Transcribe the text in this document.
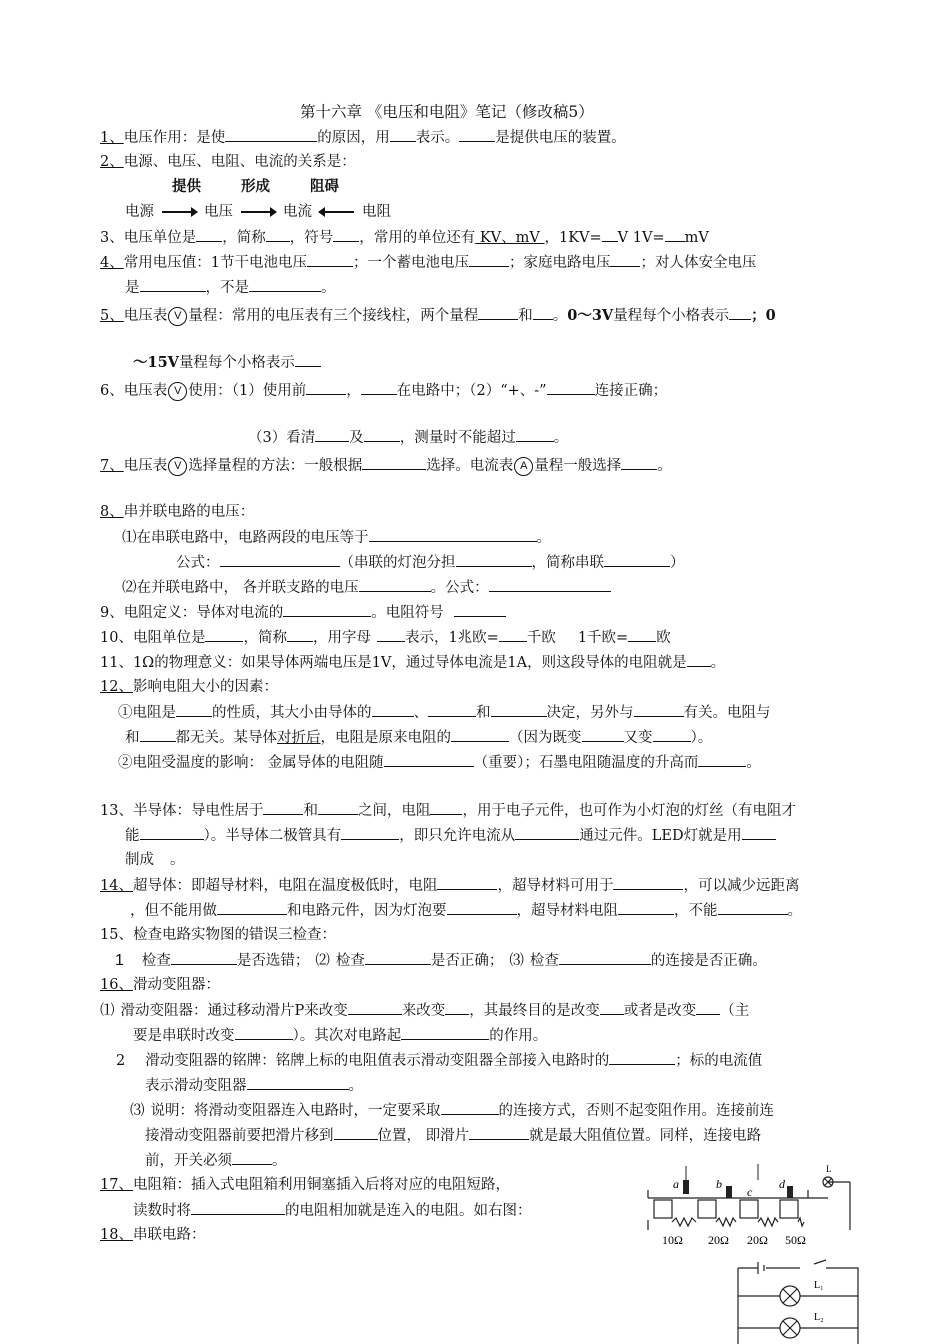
第十六章 《电压和电阻》笔记（修改稿5）
1、电压作用：是使	的原因，用 表示。 是提供电压的装置。
2、电源、电压、电阻、电流的关系是：
提供	形成	阻碍
电源	电压	电流	电阻
3、电压单位是 ，简称 ，符号 ，常用的单位还有 KV、mV ，1KV= V 1V= mV
4、常用电压值：1节干电池电压	；一个蓄电池电压	；家庭电路电压 ；对人体安全电压
是	，不是	。
5、电压表 V 量程：常用的电压表有三个接线柱，两个量程	和 。0～3V量程每个小格表示 ；0
～15V量程每个小格表示
6、电压表 V 使用：（1）使用前	， 在电路中；（2）“+、-”	连接正确；
（3）看清 及 ，测量时不能超过	。
7、电压表 V 选择量程的方法：一般根据	选择。电流表 A 量程一般选择 。
8、串并联电路的电压：
⑴在串联电路中，电路两段的电压等于	。
公式：	（串联的灯泡分担	，简称串联	）
⑵在并联电路中， 各并联支路的电压	。公式：
9、电阻定义：导体对电流的	。电阻符号
10、电阻单位是	，简称 ，用字母 表示，1兆欧= 千欧 1千欧= 欧
11、1Ω的物理意义：如果导体两端电压是1V，通过导体电流是1A，则这段导体的电阻就是 。
12、影响电阻大小的因素：
①电阻是 的性质，其大小由导体的	、	和	决定，另外与	有关。电阻与
和 都无关。某导体对折后，电阻是原来电阻的	（因为既变	又变	）。
②电阻受温度的影响： 金属导体的电阻随	（重要）；石墨电阻随温度的升高而	。
13、半导体：导电性居于	和	之间，电阻 ，用于电子元件，也可作为小灯泡的灯丝（有电阻才
能	）。半导体二极管具有	，即只允许电流从	通过元件。LED灯就是用
制成 。
14、超导体：即超导材料，电阻在温度极低时，电阻	，超导材料可用于	，可以减少远距离
，但不能用做	和电路元件，因为灯泡要	，超导材料电阻	，不能	。
15、检查电路实物图的错误三检查：
1 检查	是否选错； ⑵ 检查	是否正确； ⑶ 检查	的连接是否正确。
16、滑动变阻器：
⑴ 滑动变阻器：通过移动滑片P来改变	来改变 ，其最终目的是改变 或者是改变 （主
要是串联时改变	）。其次对电路起	的作用。
2 滑动变阻器的铭牌：铭牌上标的电阻值表示滑动变阻器全部接入电路时的	；标的电流值
表示滑动变阻器	。
⑶ 说明：将滑动变阻器连入电路时，一定要采取	的连接方式，否则不起变阻作用。连接前连
接滑动变阻器前要把滑片移到	位置， 即滑片	就是最大阻值位置。同样，连接电路
前，开关必须	。
17、电阻箱：插入式电阻箱利用铜塞插入后将对应的电阻短路，
读数时将	的电阻相加就是连入的电阻。如右图：
18、串联电路：
a	b
c
d
L
10Ω 20Ω 20Ω 50Ω
L₁
L₂
